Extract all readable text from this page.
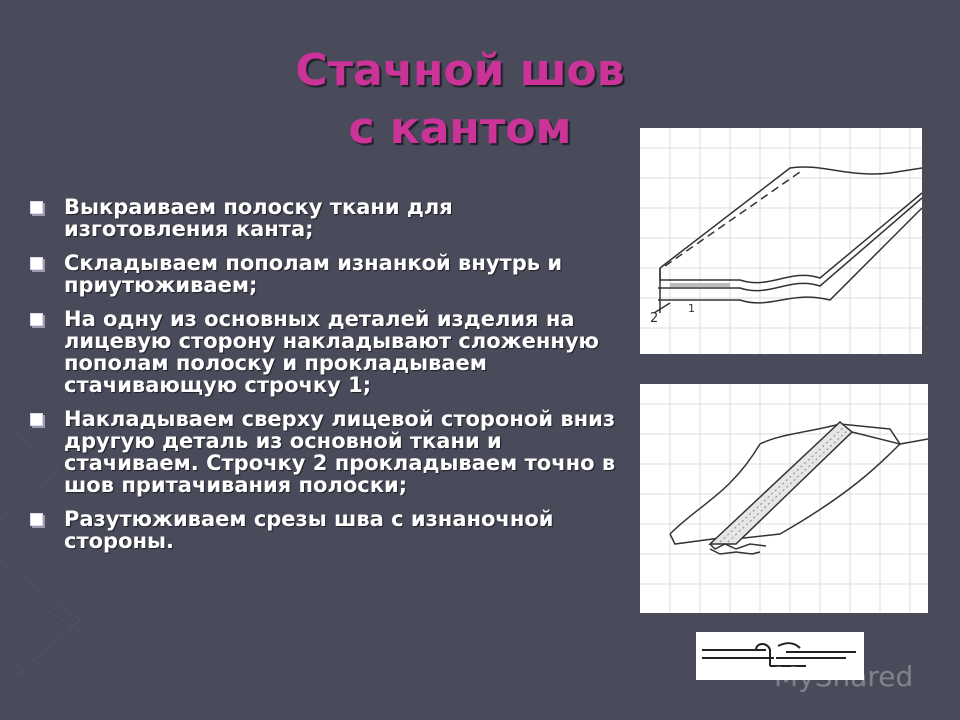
Стачной шов
с кантом
Выкраиваем полоску ткани для изготовления канта;
Складываем пополам изнанкой внутрь и приутюживаем;
На одну из основных деталей изделия на лицевую сторону накладывают сложенную пополам полоску и прокладываем стачивающую строчку 1;
Накладываем сверху лицевой стороной вниз другую деталь из основной ткани и стачиваем. Строчку 2 прокладываем точно в шов притачивания полоски;
Разутюживаем срезы шва с изнаночной стороны.
2
1
MyShared
